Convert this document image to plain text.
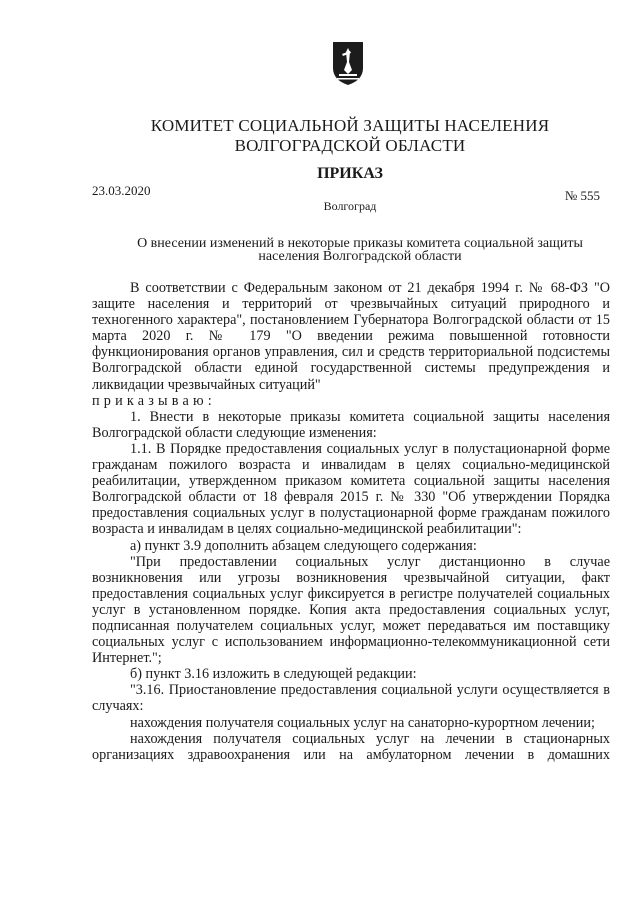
КОМИТЕТ СОЦИАЛЬНОЙ ЗАЩИТЫ НАСЕЛЕНИЯ
ВОЛГОГРАДСКОЙ ОБЛАСТИ
ПРИКАЗ
23.03.2020	№ 555
Волгоград
О внесении изменений в некоторые приказы комитета социальной защиты
населения Волгоградской области

В соответствии с Федеральным законом от 21 декабря 1994 г. № 68-ФЗ "О защите населения и территорий от чрезвычайных ситуаций природного и техногенного характера", постановлением Губернатора Волгоградской области от 15 марта 2020 г. № 179 "О введении режима повышенной готовности функционирования органов управления, сил и средств территориальной подсистемы Волгоградской области единой государственной системы предупреждения и ликвидации чрезвычайных ситуаций"

приказываю:

1. Внести в некоторые приказы комитета социальной защиты населения Волгоградской области следующие изменения:

1.1. В Порядке предоставления социальных услуг в полустационарной форме гражданам пожилого возраста и инвалидам в целях социально-медицинской реабилитации, утвержденном приказом комитета социальной защиты населения Волгоградской области от 18 февраля 2015 г. № 330 "Об утверждении Порядка предоставления социальных услуг в полустационарной форме гражданам пожилого возраста и инвалидам в целях социально-медицинской реабилитации":

а) пункт 3.9 дополнить абзацем следующего содержания:

"При предоставлении социальных услуг дистанционно в случае возникновения или угрозы возникновения чрезвычайной ситуации, факт предоставления социальных услуг фиксируется в регистре получателей социальных услуг в установленном порядке. Копия акта предоставления социальных услуг, подписанная получателем социальных услуг, может передаваться им поставщику социальных услуг с использованием информационно-телекоммуникационной сети Интернет.";

б) пункт 3.16 изложить в следующей редакции:

"3.16. Приостановление предоставления социальной услуги осуществляется в случаях:

нахождения получателя социальных услуг на санаторно-курортном лечении;

нахождения получателя социальных услуг на лечении в стационарных организациях здравоохранения или на амбулаторном лечении в домашних
